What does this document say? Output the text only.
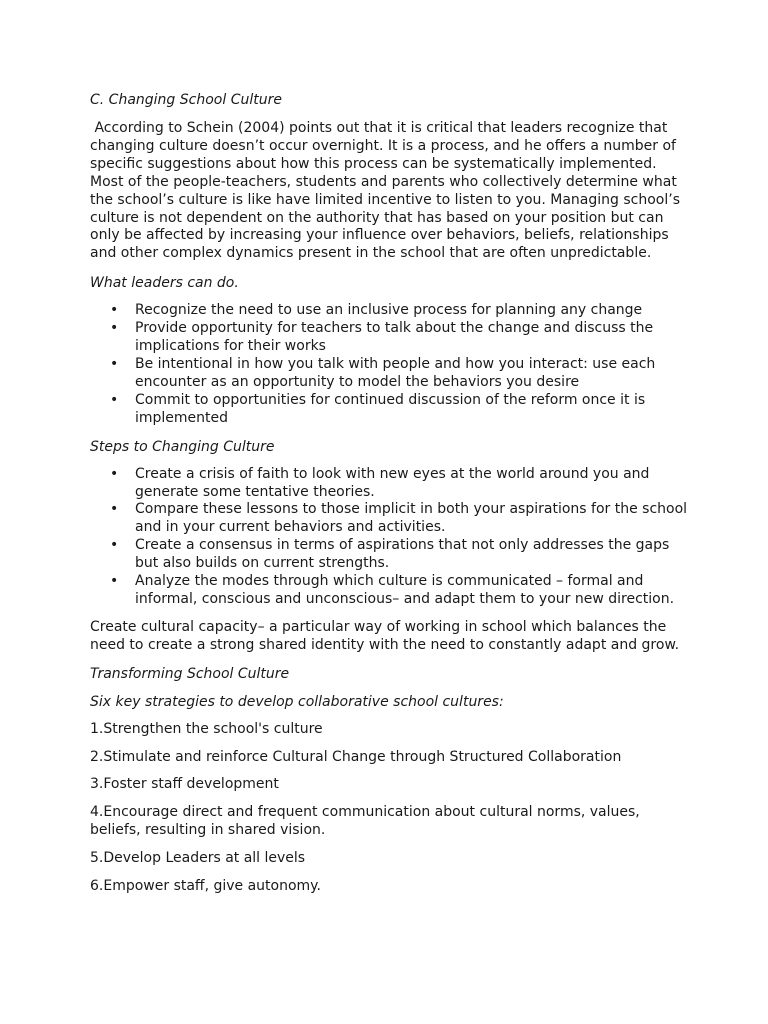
C. Changing School Culture

According to Schein (2004) points out that it is critical that leaders recognize that changing culture doesn’t occur overnight. It is a process, and he offers a number of specific suggestions about how this process can be systematically implemented. Most of the people-teachers, students and parents who collectively determine what the school’s culture is like have limited incentive to listen to you. Managing school’s culture is not dependent on the authority that has based on your position but can only be affected by increasing your influence over behaviors, beliefs, relationships and other complex dynamics present in the school that are often unpredictable.

What leaders can do.

• Recognize the need to use an inclusive process for planning any change
• Provide opportunity for teachers to talk about the change and discuss the implications for their works
• Be intentional in how you talk with people and how you interact: use each encounter as an opportunity to model the behaviors you desire
• Commit to opportunities for continued discussion of the reform once it is implemented

Steps to Changing Culture

• Create a crisis of faith to look with new eyes at the world around you and generate some tentative theories.
• Compare these lessons to those implicit in both your aspirations for the school and in your current behaviors and activities.
• Create a consensus in terms of aspirations that not only addresses the gaps but also builds on current strengths.
• Analyze the modes through which culture is communicated – formal and informal, conscious and unconscious– and adapt them to your new direction.

Create cultural capacity– a particular way of working in school which balances the need to create a strong shared identity with the need to constantly adapt and grow.

Transforming School Culture

Six key strategies to develop collaborative school cultures:

1.Strengthen the school's culture

2.Stimulate and reinforce Cultural Change through Structured Collaboration

3.Foster staff development

4.Encourage direct and frequent communication about cultural norms, values, beliefs, resulting in shared vision.

5.Develop Leaders at all levels

6.Empower staff, give autonomy.
